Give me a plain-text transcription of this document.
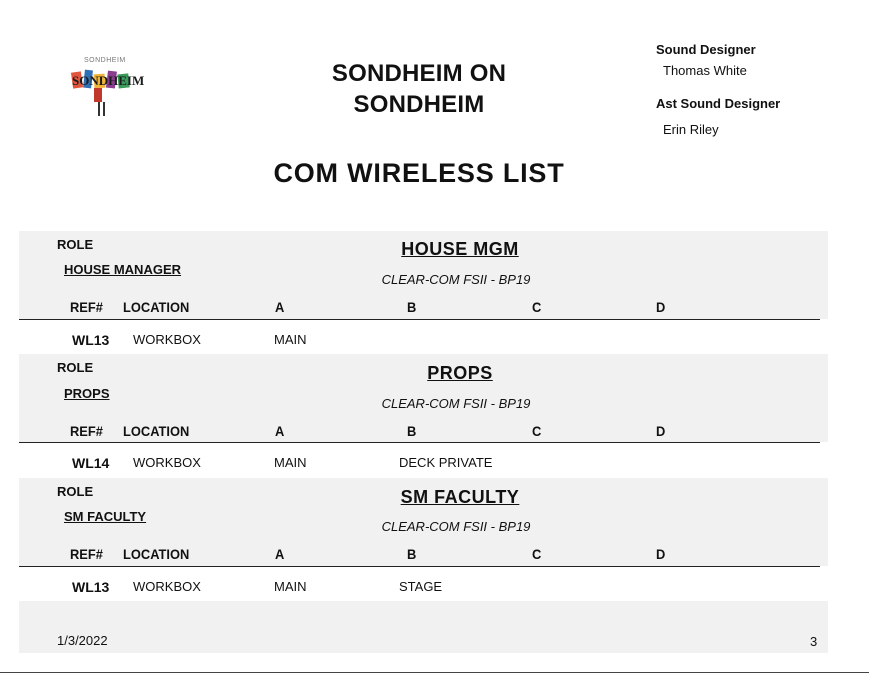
SONDHEIM
SONDHEIM	SONDHEIM ON
SONDHEIM
Sound Designer
Thomas White
Ast Sound Designer
Erin Riley
COM WIRELESS LIST
ROLE
HOUSE MANAGER
HOUSE MGM
CLEAR-COM FSII - BP19
REF# LOCATION	A	B	C	D
WL13 WORKBOX	MAIN
ROLE
PROPS
PROPS
CLEAR-COM FSII - BP19
REF# LOCATION	A	B	C	D
WL14 WORKBOX	MAIN	DECK PRIVATE
ROLE
SM FACULTY
SM FACULTY
CLEAR-COM FSII - BP19
REF# LOCATION	A	B	C	D
WL13 WORKBOX	MAIN	STAGE
1/3/2022	3
